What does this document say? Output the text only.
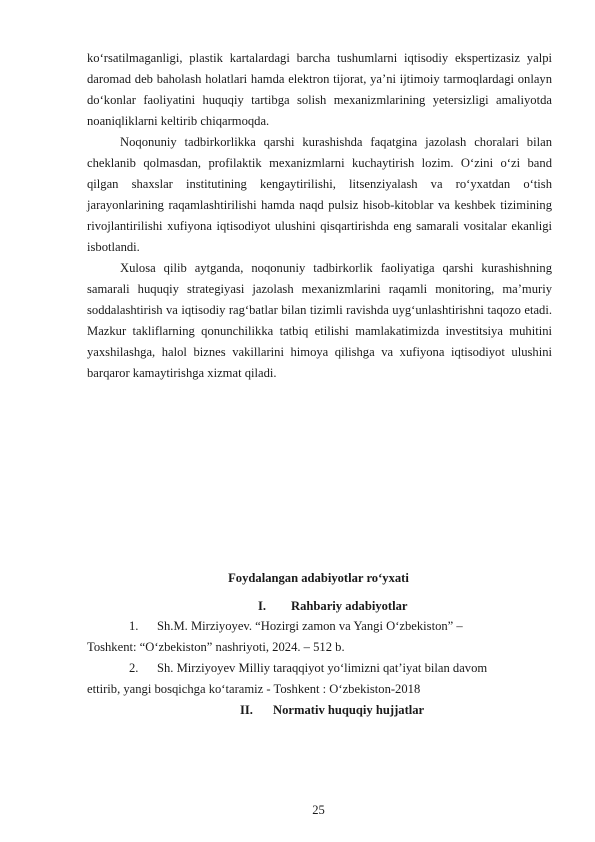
ko‘rsatilmaganligi, plastik kartalardagi barcha tushumlarni iqtisodiy ekspertizasiz yalpi daromad deb baholash holatlari hamda elektron tijorat, ya’ni ijtimoiy tarmoqlardagi onlayn do‘konlar faoliyatini huquqiy tartibga solish mexanizmlarining yetersizligi amaliyotda noaniqliklarni keltirib chiqarmoqda.

Noqonuniy tadbirkorlikka qarshi kurashishda faqatgina jazolash choralari bilan cheklanib qolmasdan, profilaktik mexanizmlarni kuchaytirish lozim. O‘zini o‘zi band qilgan shaxslar institutining kengaytirilishi, litsenziyalash va ro‘yxatdan o‘tish jarayonlarining raqamlashtirilishi hamda naqd pulsiz hisob-kitoblar va keshbek tizimining rivojlantirilishi xufiyona iqtisodiyot ulushini qisqartirishda eng samarali vositalar ekanligi isbotlandi.

Xulosa qilib aytganda, noqonuniy tadbirkorlik faoliyatiga qarshi kurashishning samarali huquqiy strategiyasi jazolash mexanizmlarini raqamli monitoring, ma’muriy soddalashtirish va iqtisodiy rag‘batlar bilan tizimli ravishda uyg‘unlashtirishni taqozo etadi. Mazkur takliflarning qonunchilikka tatbiq etilishi mamlakatimizda investitsiya muhitini yaxshilashga, halol biznes vakillarini himoya qilishga va xufiyona iqtisodiyot ulushini barqaror kamaytirishga xizmat qiladi.

Foydalangan adabiyotlar ro‘yxati
I. Rahbariy adabiyotlar
1.	Sh.M. Mirziyoyev. “Hozirgi zamon va Yangi O‘zbekiston” –
Toshkent: “O‘zbekiston” nashriyoti, 2024. – 512 b.
2.	Sh. Mirziyoyev Milliy taraqqiyot yo‘limizni qat’iyat bilan davom
ettirib, yangi bosqichga ko‘taramiz - Toshkent : O‘zbekiston-2018
II. Normativ huquqiy hujjatlar
25
